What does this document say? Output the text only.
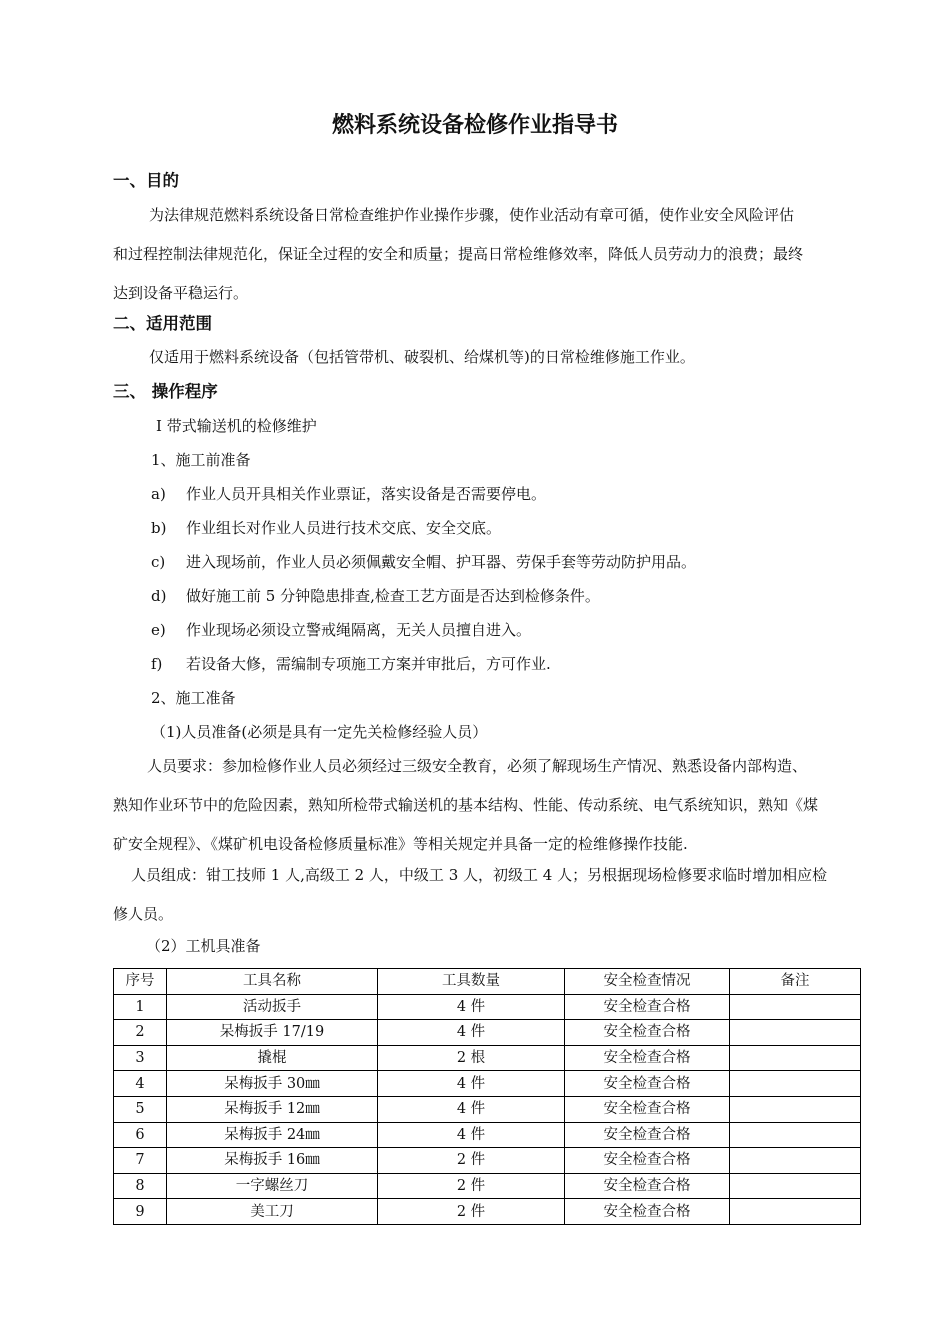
燃料系统设备检修作业指导书
一、目的
为法律规范燃料系统设备日常检查维护作业操作步骤，使作业活动有章可循，使作业安全风险评估
和过程控制法律规范化，保证全过程的安全和质量；提高日常检维修效率，降低人员劳动力的浪费；最终
达到设备平稳运行。
二、适用范围
仅适用于燃料系统设备（包括管带机、破裂机、给煤机等)的日常检维修施工作业。
三、 操作程序
Ⅰ 带式输送机的检修维护
1、施工前准备
a) 作业人员开具相关作业票证，落实设备是否需要停电。
b) 作业组长对作业人员进行技术交底、安全交底。
c) 进入现场前，作业人员必须佩戴安全帽、护耳器、劳保手套等劳动防护用品。
d) 做好施工前 5 分钟隐患排查,检查工艺方面是否达到检修条件。
e) 作业现场必须设立警戒绳隔离，无关人员擅自进入。
f) 若设备大修，需编制专项施工方案并审批后，方可作业.
2、施工准备
（1)人员准备(必须是具有一定先关检修经验人员）
人员要求：参加检修作业人员必须经过三级安全教育，必须了解现场生产情况、熟悉设备内部构造、
熟知作业环节中的危险因素，熟知所检带式输送机的基本结构、性能、传动系统、电气系统知识，熟知《煤
矿安全规程》、《煤矿机电设备检修质量标准》等相关规定并具备一定的检维修操作技能.
人员组成：钳工技师 1 人,高级工 2 人，中级工 3 人，初级工 4 人；另根据现场检修要求临时增加相应检
修人员。
（2）工机具准备
序号	工具名称	工具数量	安全检查情况	备注
1	活动扳手	4 件	安全检查合格	
2	呆梅扳手 17/19	4 件	安全检查合格	
3	撬棍	2 根	安全检查合格	
4	呆梅扳手 30㎜	4 件	安全检查合格	
5	呆梅扳手 12㎜	4 件	安全检查合格	
6	呆梅扳手 24㎜	4 件	安全检查合格	
7	呆梅扳手 16㎜	2 件	安全检查合格	
8	一字螺丝刀	2 件	安全检查合格	
9	美工刀	2 件	安全检查合格	
